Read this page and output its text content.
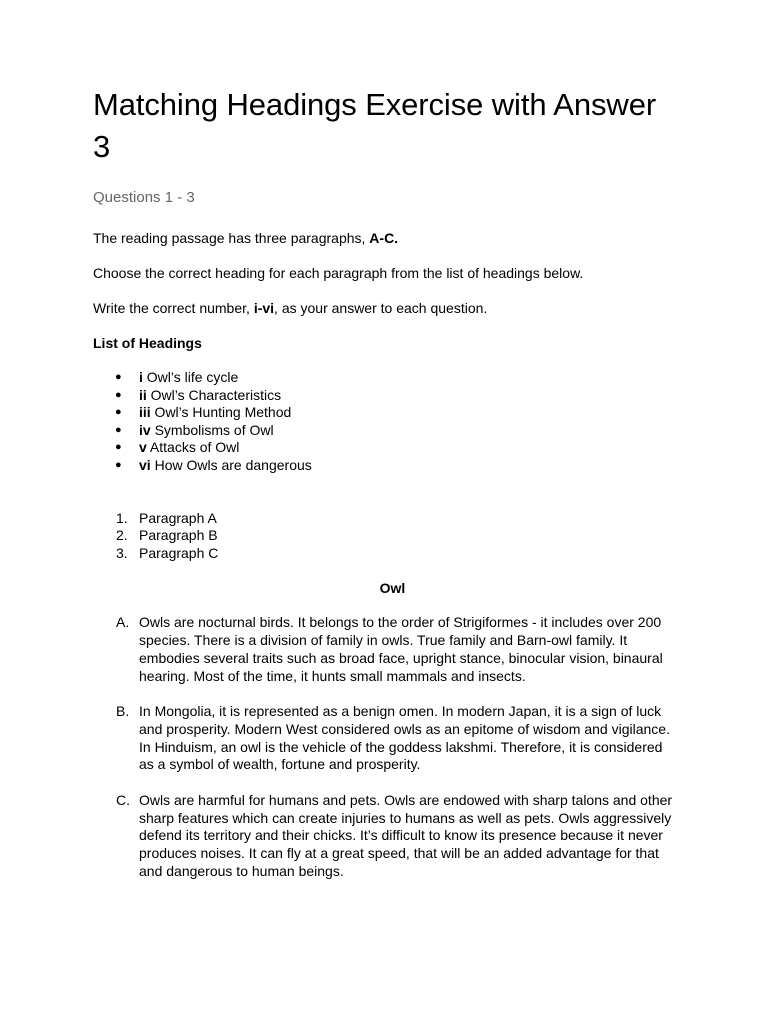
Matching Headings Exercise with Answer 3
Questions 1 - 3

The reading passage has three paragraphs, A-C.

Choose the correct heading for each paragraph from the list of headings below.

Write the correct number, i-vi, as your answer to each question.

List of Headings

● i Owl’s life cycle
● ii Owl’s Characteristics
● iii Owl’s Hunting Method
● iv Symbolisms of Owl
● v Attacks of Owl
● vi How Owls are dangerous
1. Paragraph A
2. Paragraph B
3. Paragraph C
Owl
A. Owls are nocturnal birds. It belongs to the order of Strigiformes - it includes over 200 species. There is a division of family in owls. True family and Barn-owl family. It embodies several traits such as broad face, upright stance, binocular vision, binaural hearing. Most of the time, it hunts small mammals and insects.
B. In Mongolia, it is represented as a benign omen. In modern Japan, it is a sign of luck and prosperity. Modern West considered owls as an epitome of wisdom and vigilance. In Hinduism, an owl is the vehicle of the goddess lakshmi. Therefore, it is considered as a symbol of wealth, fortune and prosperity.
C. Owls are harmful for humans and pets. Owls are endowed with sharp talons and other sharp features which can create injuries to humans as well as pets. Owls aggressively defend its territory and their chicks. It’s difficult to know its presence because it never produces noises. It can fly at a great speed, that will be an added advantage for that and dangerous to human beings.
